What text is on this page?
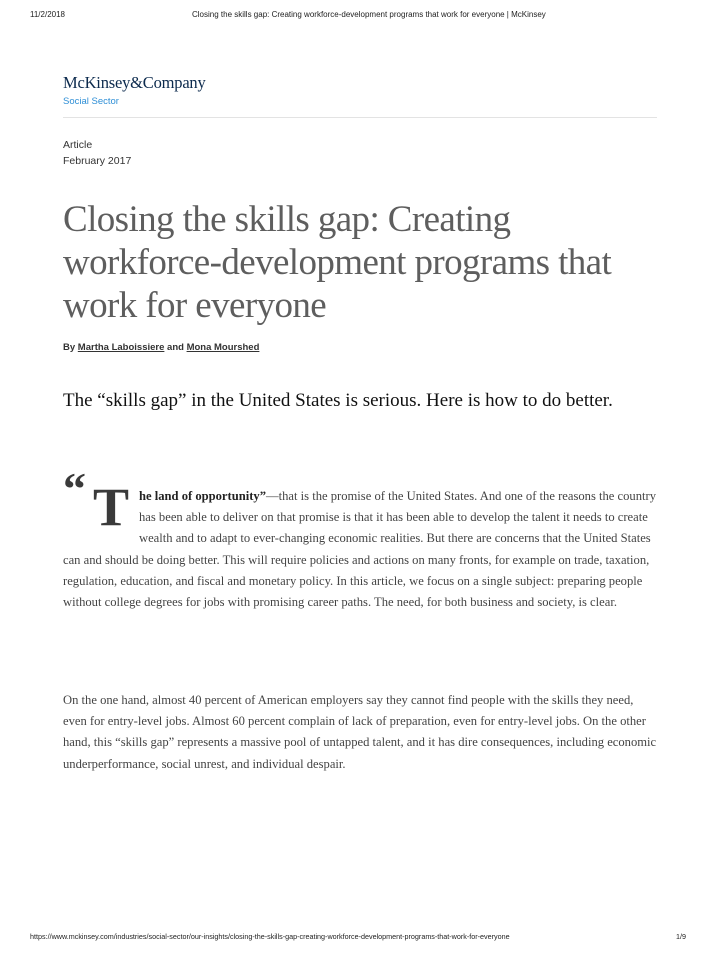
11/2/2018	Closing the skills gap: Creating workforce-development programs that work for everyone | McKinsey
McKinsey&Company
Social Sector
Article
February 2017
Closing the skills gap: Creating workforce-development programs that work for everyone
By Martha Laboissiere and Mona Mourshed
The “skills gap” in the United States is serious. Here is how to do better.
“ T he land of opportunity”—that is the promise of the United States. And one of the reasons the country has been able to deliver on that promise is that it has been able to develop the talent it needs to create wealth and to adapt to ever-changing economic realities. But there are concerns that the United States can and should be doing better. This will require policies and actions on many fronts, for example on trade, taxation, regulation, education, and fiscal and monetary policy. In this article, we focus on a single subject: preparing people without college degrees for jobs with promising career paths. The need, for both business and society, is clear.
On the one hand, almost 40 percent of American employers say they cannot find people with the skills they need, even for entry-level jobs. Almost 60 percent complain of lack of preparation, even for entry-level jobs. On the other hand, this “skills gap” represents a massive pool of untapped talent, and it has dire consequences, including economic underperformance, social unrest, and individual despair.
https://www.mckinsey.com/industries/social-sector/our-insights/closing-the-skills-gap-creating-workforce-development-programs-that-work-for-everyone	1/9
